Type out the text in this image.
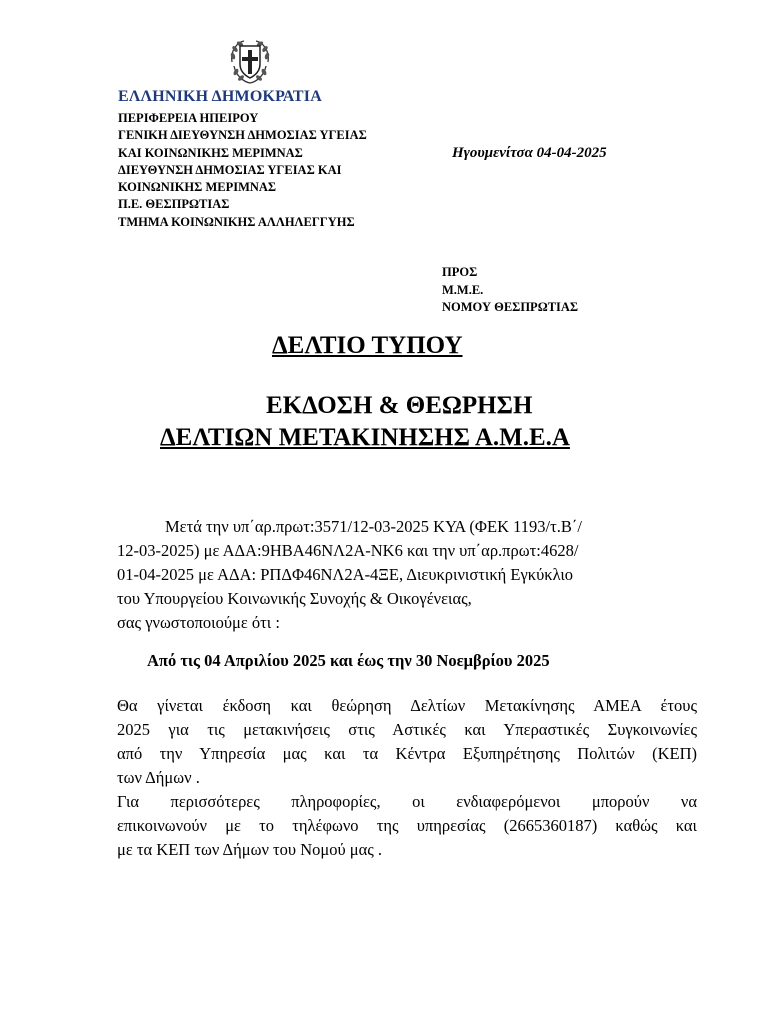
ΕΛΛΗΝΙΚΗ ΔΗΜΟΚΡΑΤΙΑ
ΠΕΡΙΦΕΡΕΙΑ ΗΠΕΙΡΟΥ
ΓΕΝΙΚΗ ΔΙΕΥΘΥΝΣΗ ΔΗΜΟΣΙΑΣ ΥΓΕΙΑΣ
ΚΑΙ ΚΟΙΝΩΝΙΚΗΣ ΜΕΡΙΜΝΑΣ
ΔΙΕΥΘΥΝΣΗ ΔΗΜΟΣΙΑΣ ΥΓΕΙΑΣ ΚΑΙ
ΚΟΙΝΩΝΙΚΗΣ ΜΕΡΙΜΝΑΣ
Π.Ε. ΘΕΣΠΡΩΤΙΑΣ
ΤΜΗΜΑ ΚΟΙΝΩΝΙΚΗΣ ΑΛΛΗΛΕΓΓΥΗΣ
Ηγουμενίτσα 04-04-2025
ΠΡΟΣ
Μ.Μ.Ε.
ΝΟΜΟΥ ΘΕΣΠΡΩΤΙΑΣ
ΔΕΛΤΙΟ ΤΥΠΟΥ
ΕΚΔΟΣΗ & ΘΕΩΡΗΣΗ
ΔΕΛΤΙΩΝ ΜΕΤΑΚΙΝΗΣΗΣ Α.Μ.Ε.Α
Μετά την υπ΄αρ.πρωτ:3571/12-03-2025 ΚΥΑ (ΦΕΚ 1193/τ.Β΄/
12-03-2025) με ΑΔΑ:9ΗΒΑ46ΝΛ2Α-ΝΚ6 και την υπ΄αρ.πρωτ:4628/
01-04-2025 με ΑΔΑ: ΡΠΔΦ46ΝΛ2Α-4ΞΕ, Διευκρινιστική Εγκύκλιο
του Υπουργείου Κοινωνικής Συνοχής & Οικογένειας,
σας γνωστοποιούμε ότι :
Από τις 04 Απριλίου 2025 και έως την 30 Νοεμβρίου 2025
Θα γίνεται έκδοση και θεώρηση Δελτίων Μετακίνησης ΑΜΕΑ έτους
2025 για τις μετακινήσεις στις Αστικές και Υπεραστικές Συγκοινωνίες
από την Υπηρεσία μας και τα Κέντρα Εξυπηρέτησης Πολιτών (ΚΕΠ)
των Δήμων .
Για περισσότερες πληροφορίες, οι ενδιαφερόμενοι μπορούν να
επικοινωνούν με το τηλέφωνο της υπηρεσίας (2665360187) καθώς και
με τα ΚΕΠ των Δήμων του Νομού μας .
